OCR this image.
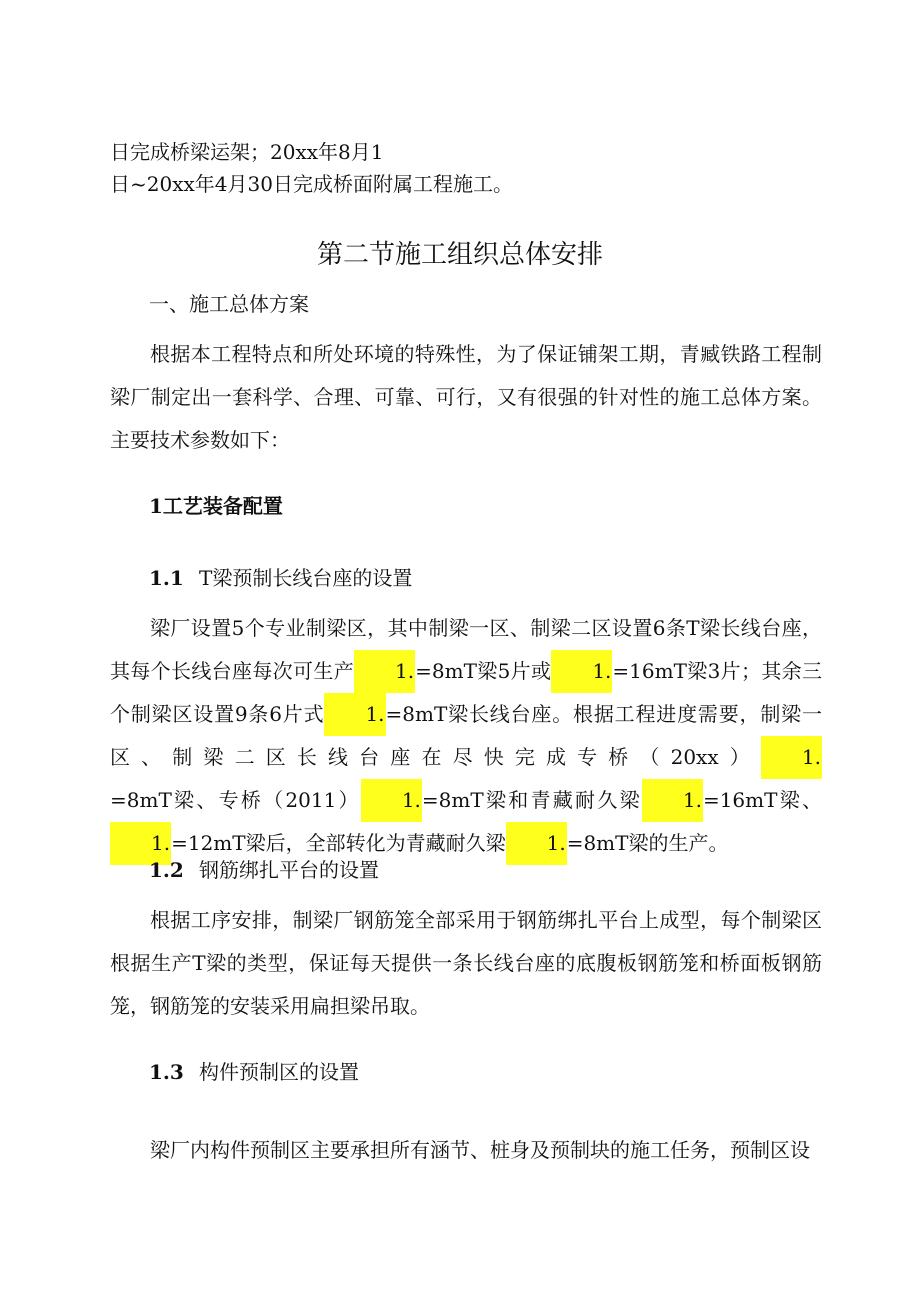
日完成桥梁运架；20xx年8月1
日~20xx年4月30日完成桥面附属工程施工。
第二节施工组织总体安排
一、施工总体方案
根据本工程特点和所处环境的特殊性，为了保证铺架工期，青臧铁路工程制梁厂制定出一套科学、合理、可靠、可行，又有很强的针对性的施工总体方案。主要技术参数如下：
1工艺装备配置
1.1 T梁预制长线台座的设置
梁厂设置5个专业制梁区，其中制梁一区、制梁二区设置6条T梁长线台座，其每个长线台座每次可生产 1.=8mT梁5片或 1.=16mT梁3片；其余三个制梁区设置9条6片式 1.=8mT梁长线台座。根据工程进度需要，制梁一区、制梁二区长线台座在尽快完成专桥（20xx） 1.=8mT梁、专桥（2011） 1.=8mT梁和青藏耐久梁 1.=16mT梁、1.=12mT梁后，全部转化为青藏耐久梁 1.=8mT梁的生产。
1.2 钢筋绑扎平台的设置
根据工序安排，制梁厂钢筋笼全部采用于钢筋绑扎平台上成型，每个制梁区根据生产T梁的类型，保证每天提供一条长线台座的底腹板钢筋笼和桥面板钢筋笼，钢筋笼的安装采用扁担梁吊取。
1.3 构件预制区的设置
梁厂内构件预制区主要承担所有涵节、桩身及预制块的施工任务，预制区设
